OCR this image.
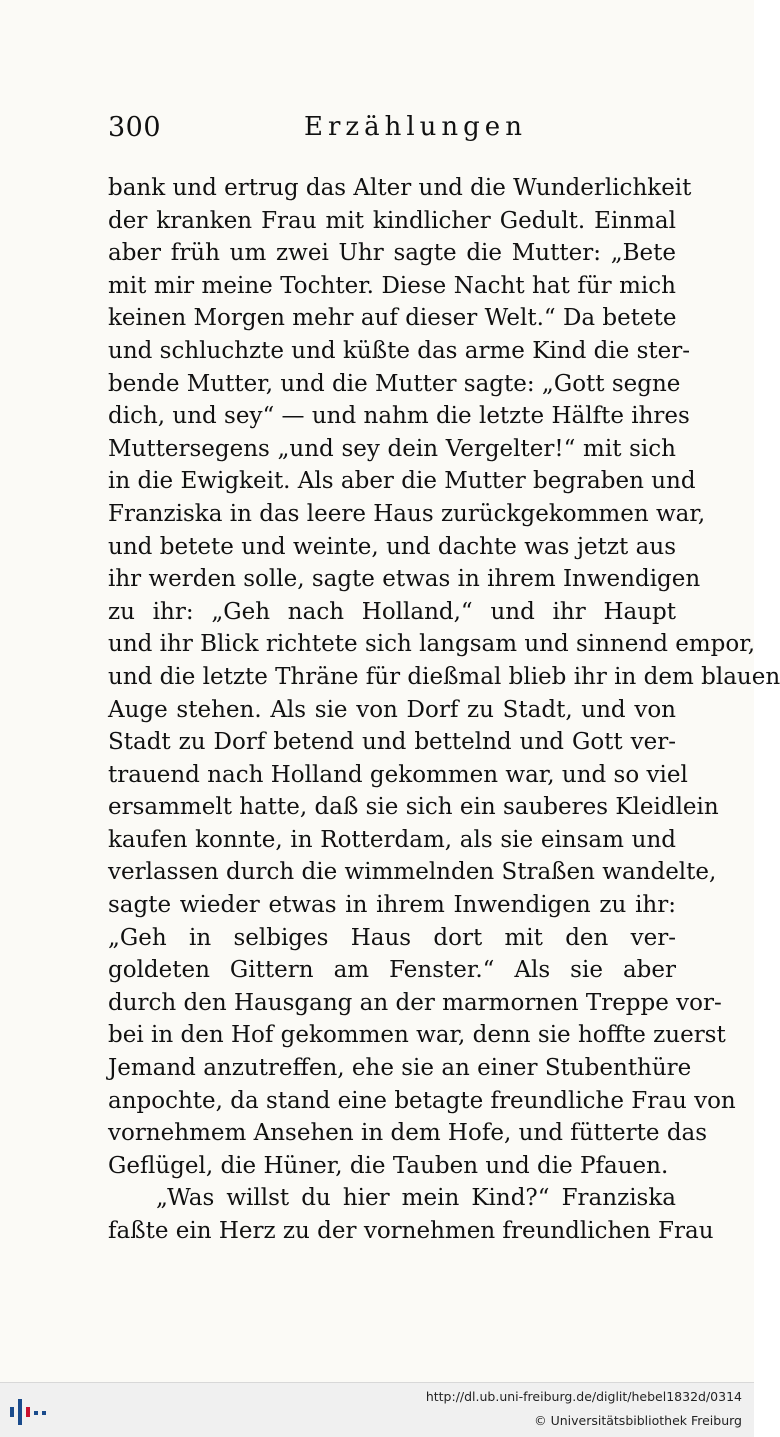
300	Erzählungen
bank und ertrug das Alter und die Wunderlichkeit
der kranken Frau mit kindlicher Gedult. Einmal
aber früh um zwei Uhr sagte die Mutter: „Bete
mit mir meine Tochter. Diese Nacht hat für mich
keinen Morgen mehr auf dieser Welt.“ Da betete
und schluchzte und küßte das arme Kind die ster-
bende Mutter, und die Mutter sagte: „Gott segne
dich, und sey“ — und nahm die letzte Hälfte ihres
Muttersegens „und sey dein Vergelter!“ mit sich
in die Ewigkeit. Als aber die Mutter begraben und
Franziska in das leere Haus zurückgekommen war,
und betete und weinte, und dachte was jetzt aus
ihr werden solle, sagte etwas in ihrem Inwendigen
zu ihr: „Geh nach Holland,“ und ihr Haupt
und ihr Blick richtete sich langsam und sinnend empor,
und die letzte Thräne für dießmal blieb ihr in dem blauen
Auge stehen. Als sie von Dorf zu Stadt, und von
Stadt zu Dorf betend und bettelnd und Gott ver-
trauend nach Holland gekommen war, und so viel
ersammelt hatte, daß sie sich ein sauberes Kleidlein
kaufen konnte, in Rotterdam, als sie einsam und
verlassen durch die wimmelnden Straßen wandelte,
sagte wieder etwas in ihrem Inwendigen zu ihr:
„Geh in selbiges Haus dort mit den ver-
goldeten Gittern am Fenster.“ Als sie aber
durch den Hausgang an der marmornen Treppe vor-
bei in den Hof gekommen war, denn sie hoffte zuerst
Jemand anzutreffen, ehe sie an einer Stubenthüre
anpochte, da stand eine betagte freundliche Frau von
vornehmem Ansehen in dem Hofe, und fütterte das
Geflügel, die Hüner, die Tauben und die Pfauen.
„Was willst du hier mein Kind?“ Franziska
faßte ein Herz zu der vornehmen freundlichen Frau
http://dl.ub.uni-freiburg.de/diglit/hebel1832d/0314
© Universitätsbibliothek Freiburg
